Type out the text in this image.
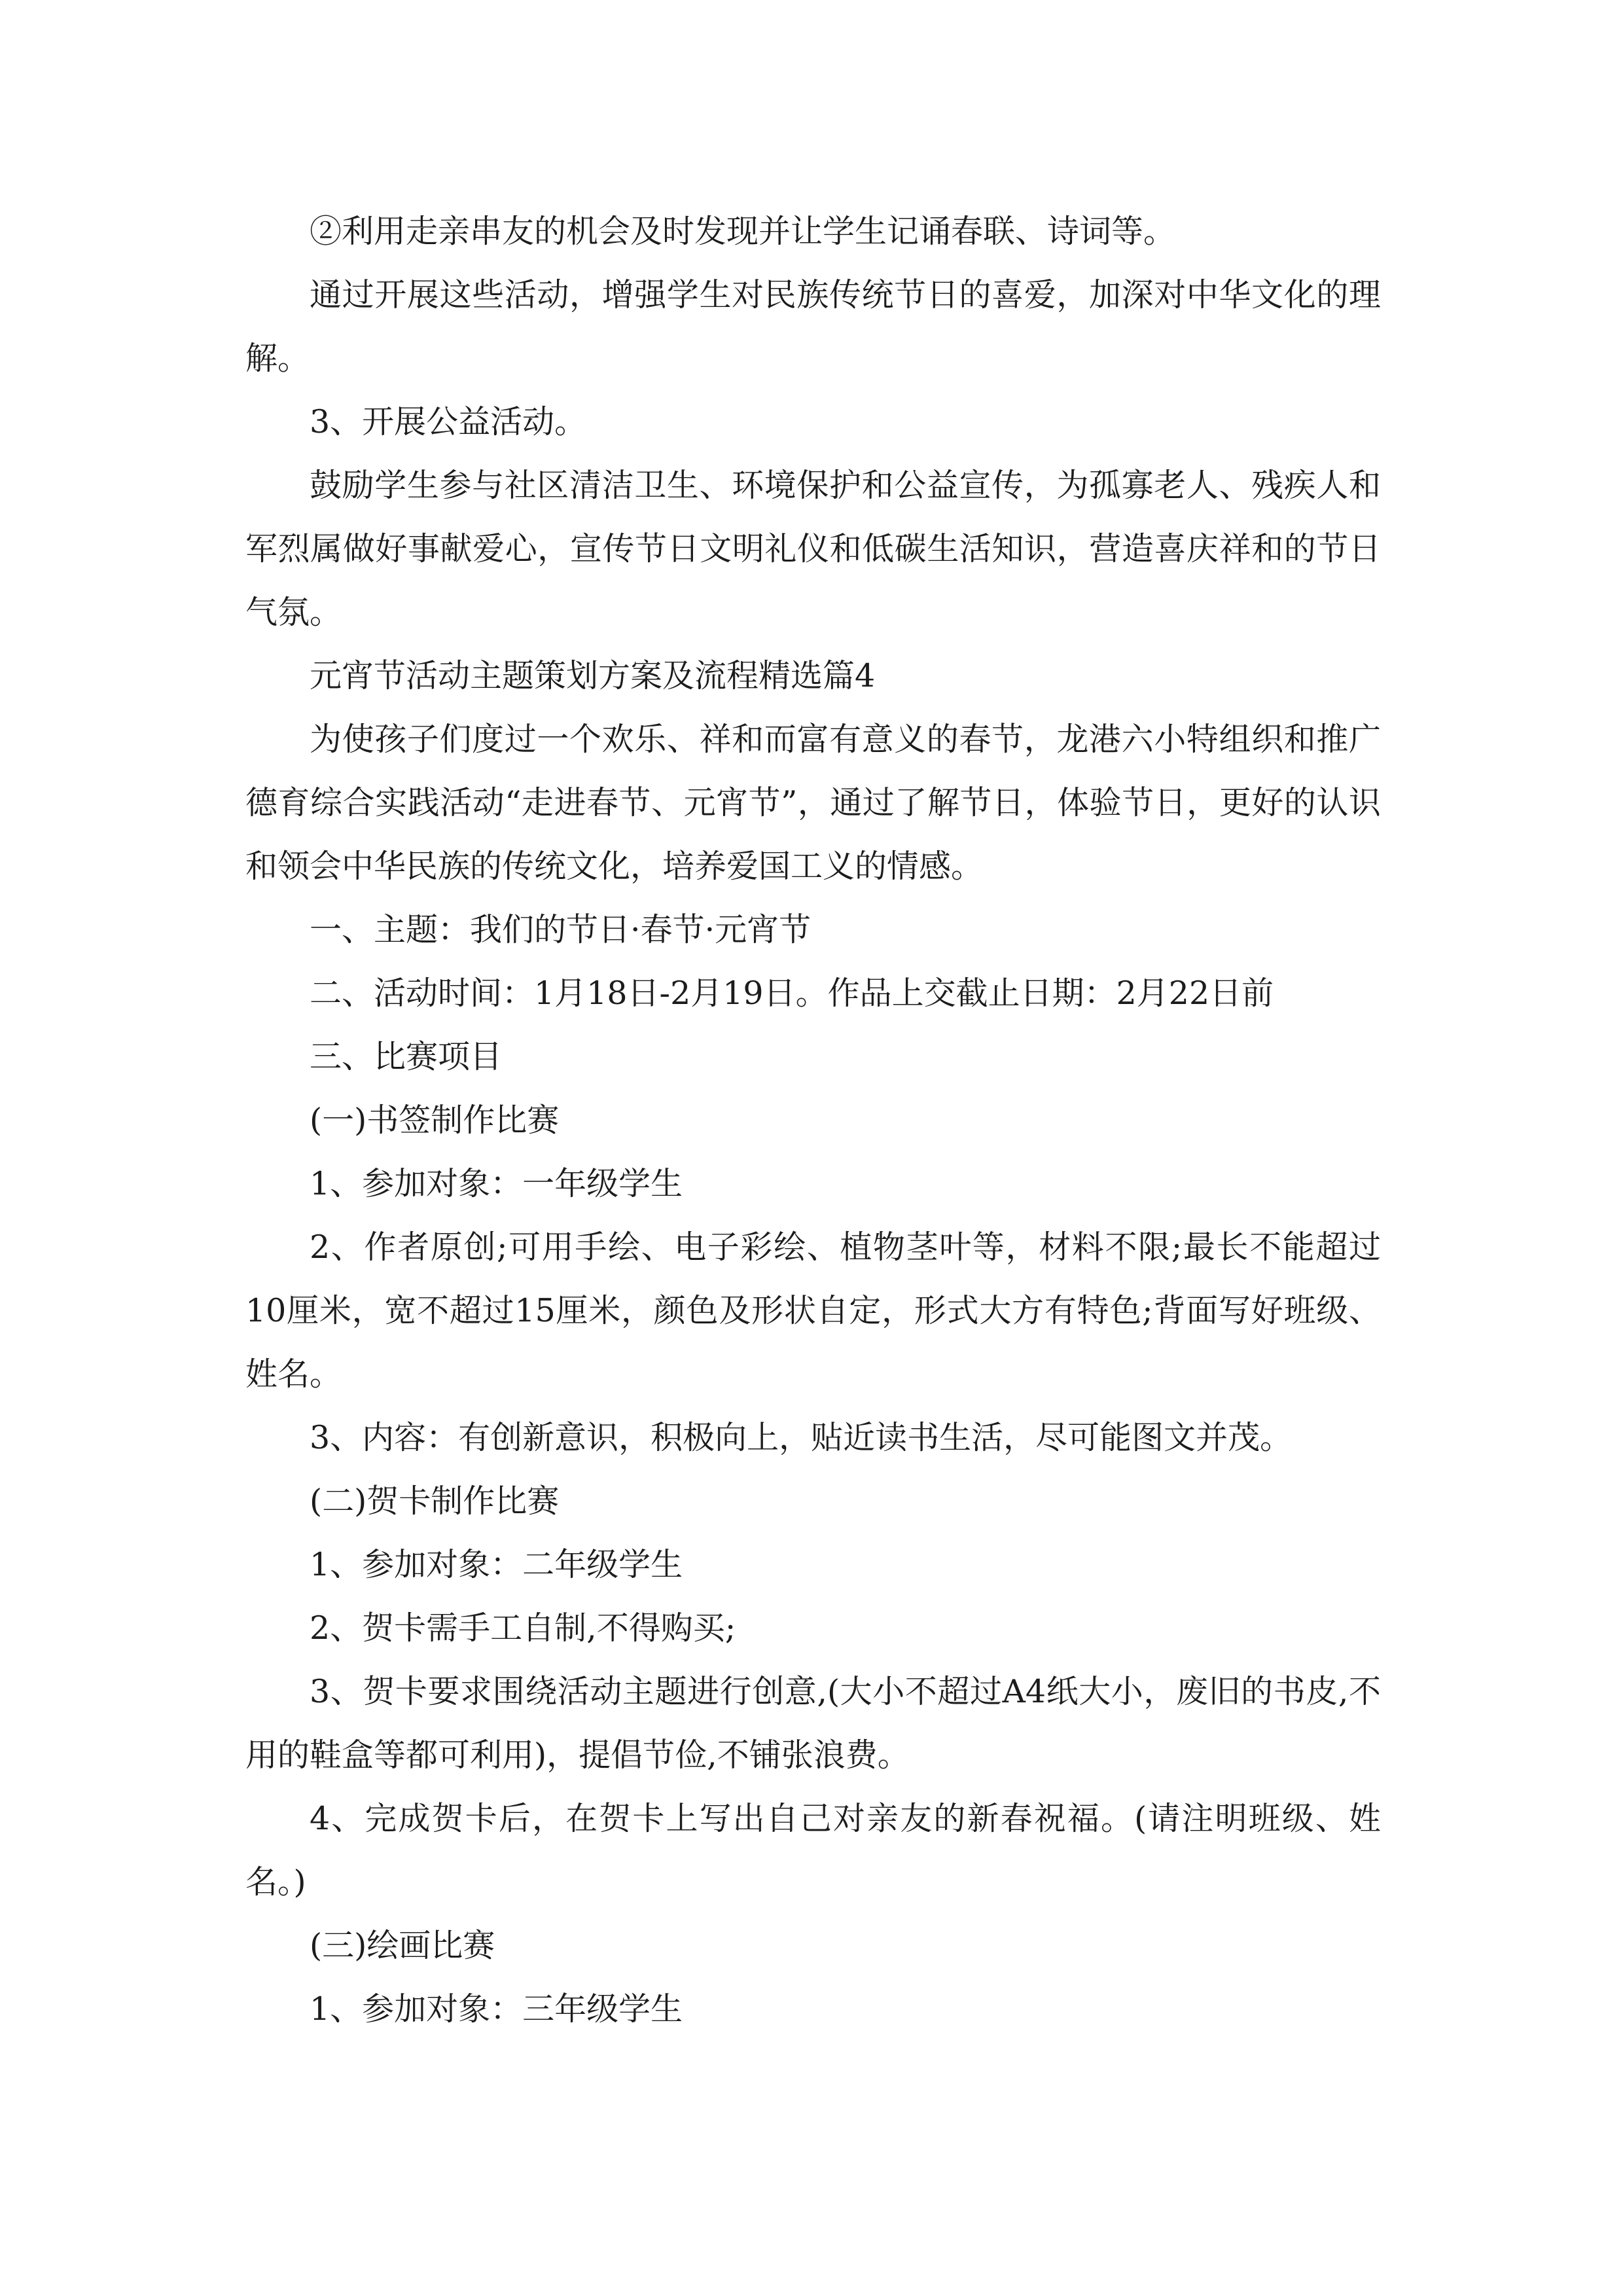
②利用走亲串友的机会及时发现并让学生记诵春联、诗词等。

通过开展这些活动，增强学生对民族传统节日的喜爱，加深对中华文化的理解。

3、开展公益活动。

鼓励学生参与社区清洁卫生、环境保护和公益宣传，为孤寡老人、残疾人和军烈属做好事献爱心，宣传节日文明礼仪和低碳生活知识，营造喜庆祥和的节日气氛。

元宵节活动主题策划方案及流程精选篇4

为使孩子们度过一个欢乐、祥和而富有意义的春节，龙港六小特组织和推广德育综合实践活动“走进春节、元宵节”，通过了解节日，体验节日，更好的认识和领会中华民族的传统文化，培养爱国工义的情感。

一、主题：我们的节日·春节·元宵节

二、活动时间：1月18日-2月19日。作品上交截止日期：2月22日前

三、比赛项目

(一)书签制作比赛

1、参加对象：一年级学生

2、作者原创;可用手绘、电子彩绘、植物茎叶等，材料不限;最长不能超过10厘米，宽不超过15厘米，颜色及形状自定，形式大方有特色;背面写好班级、姓名。

3、内容：有创新意识，积极向上，贴近读书生活，尽可能图文并茂。

(二)贺卡制作比赛

1、参加对象：二年级学生

2、贺卡需手工自制,不得购买;

3、贺卡要求围绕活动主题进行创意,(大小不超过A4纸大小，废旧的书皮,不用的鞋盒等都可利用)，提倡节俭,不铺张浪费。

4、完成贺卡后，在贺卡上写出自己对亲友的新春祝福。(请注明班级、姓名。)

(三)绘画比赛

1、参加对象：三年级学生
